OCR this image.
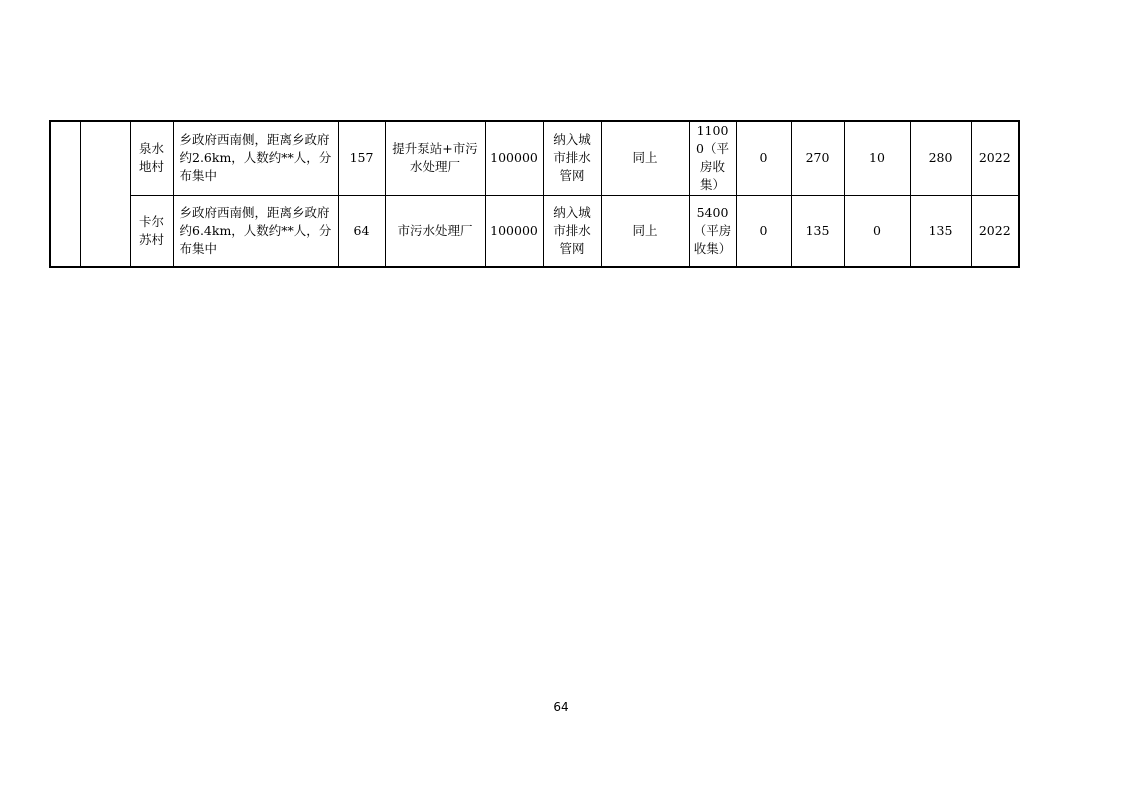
		泉水地村	乡政府西南侧，距离乡政府约2.6km，人数约**人，分布集中	157	提升泵站+市污水处理厂	100000	纳入城市排水管网	同上	11000（平房收集）	0	270	10	280	2022
		卡尔苏村	乡政府西南侧，距离乡政府约6.4km，人数约**人，分布集中	64	市污水处理厂	100000	纳入城市排水管网	同上	5400（平房收集）	0	135	0	135	2022
64
